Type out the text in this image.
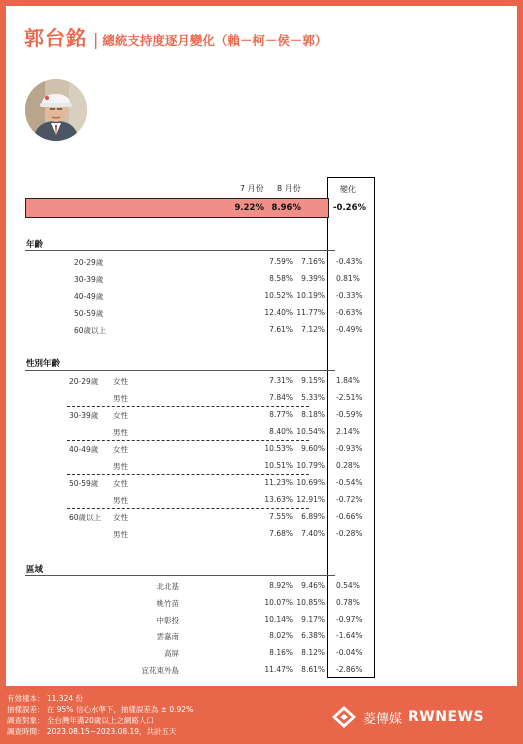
郭台銘 | 總統支持度逐月變化（賴－柯－侯－郭）
7 月份 8 月份	變化
9.22% 8.96%	-0.26%
年齡
20-29歲	7.59%	7.16% -0.43%
30-39歲	8.58%	9.39% 0.81%
40-49歲	10.52% 10.19% -0.33%
50-59歲	12.40% 11.77% -0.63%
60歲以上	7.61%	7.12% -0.49%
性別年齡
20-29歲 女性	7.31%	9.15% 1.84%
男性	7.84%	5.33% -2.51%
30-39歲 女性	8.77%	8.18% -0.59%
男性	8.40% 10.54% 2.14%
40-49歲 女性	10.53%	9.60% -0.93%
男性	10.51% 10.79% 0.28%
50-59歲 女性	11.23% 10.69% -0.54%
男性	13.63% 12.91% -0.72%
60歲以上 女性	7.55%	6.89% -0.66%
男性	7.68%	7.40% -0.28%
區域
北北基	8.92%	9.46% 0.54%
桃竹苗	10.07% 10.85% 0.78%
中彰投	10.14%	9.17% -0.97%
雲嘉南	8.02%	6.38% -1.64%
高屏	8.16%	8.12% -0.04%
宜花東外島	11.47%	8.61% -2.86%
有效樣本： 11,324 份
抽樣誤差： 在 95% 信心水準下，抽樣誤差為 ± 0.92%
調查對象： 全台灣年滿20歲以上之網路人口
調查時間： 2023.08.15~2023.08.19，共計五天
菱傳媒 RWNEWS
